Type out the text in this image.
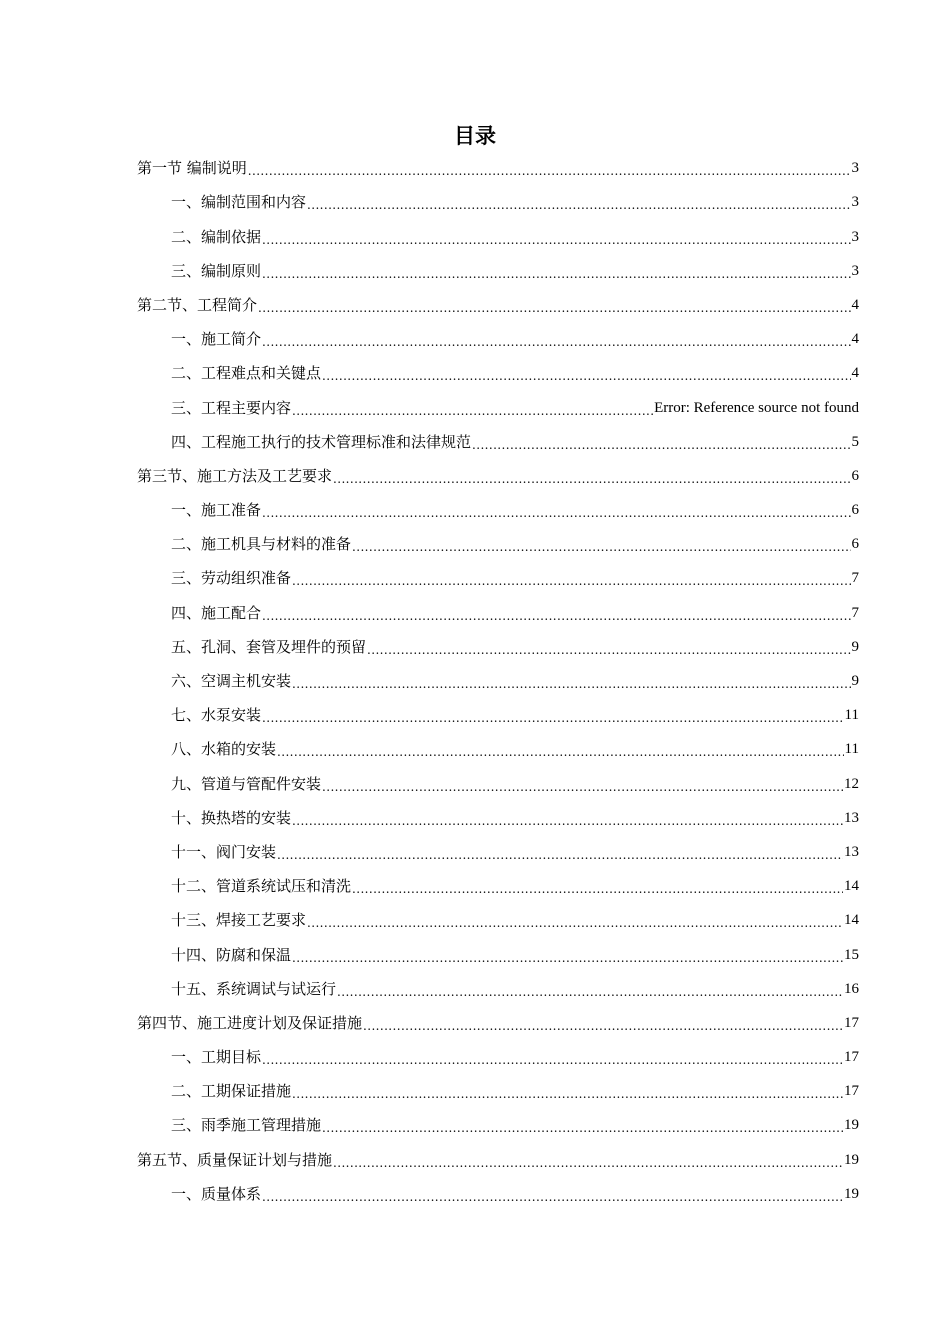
目录
第一节 编制说明 .....	3
一、编制范围和内容 .....	3
二、编制依据 .....	3
三、编制原则 .....	3
第二节、工程简介 .....	4
一、施工简介 .....	4
二、工程难点和关键点 .....	4
三、工程主要内容 .....	Error: Reference source not found
四、工程施工执行的技术管理标准和法律规范 .....	5
第三节、施工方法及工艺要求 .....	6
一、施工准备 .....	6
二、施工机具与材料的准备 .....	6
三、劳动组织准备 .....	7
四、施工配合 .....	7
五、孔洞、套管及埋件的预留 .....	9
六、空调主机安装 .....	9
七、水泵安装 .....	11
八、水箱的安装 .....	11
九、管道与管配件安装 .....	12
十、换热塔的安装 .....	13
十一、阀门安装 .....	13
十二、管道系统试压和清洗 .....	14
十三、焊接工艺要求 .....	14
十四、防腐和保温 .....	15
十五、系统调试与试运行 .....	16
第四节、施工进度计划及保证措施 .....	17
一、工期目标 .....	17
二、工期保证措施 .....	17
三、雨季施工管理措施 .....	19
第五节、质量保证计划与措施 .....	19
一、质量体系 .....	19
